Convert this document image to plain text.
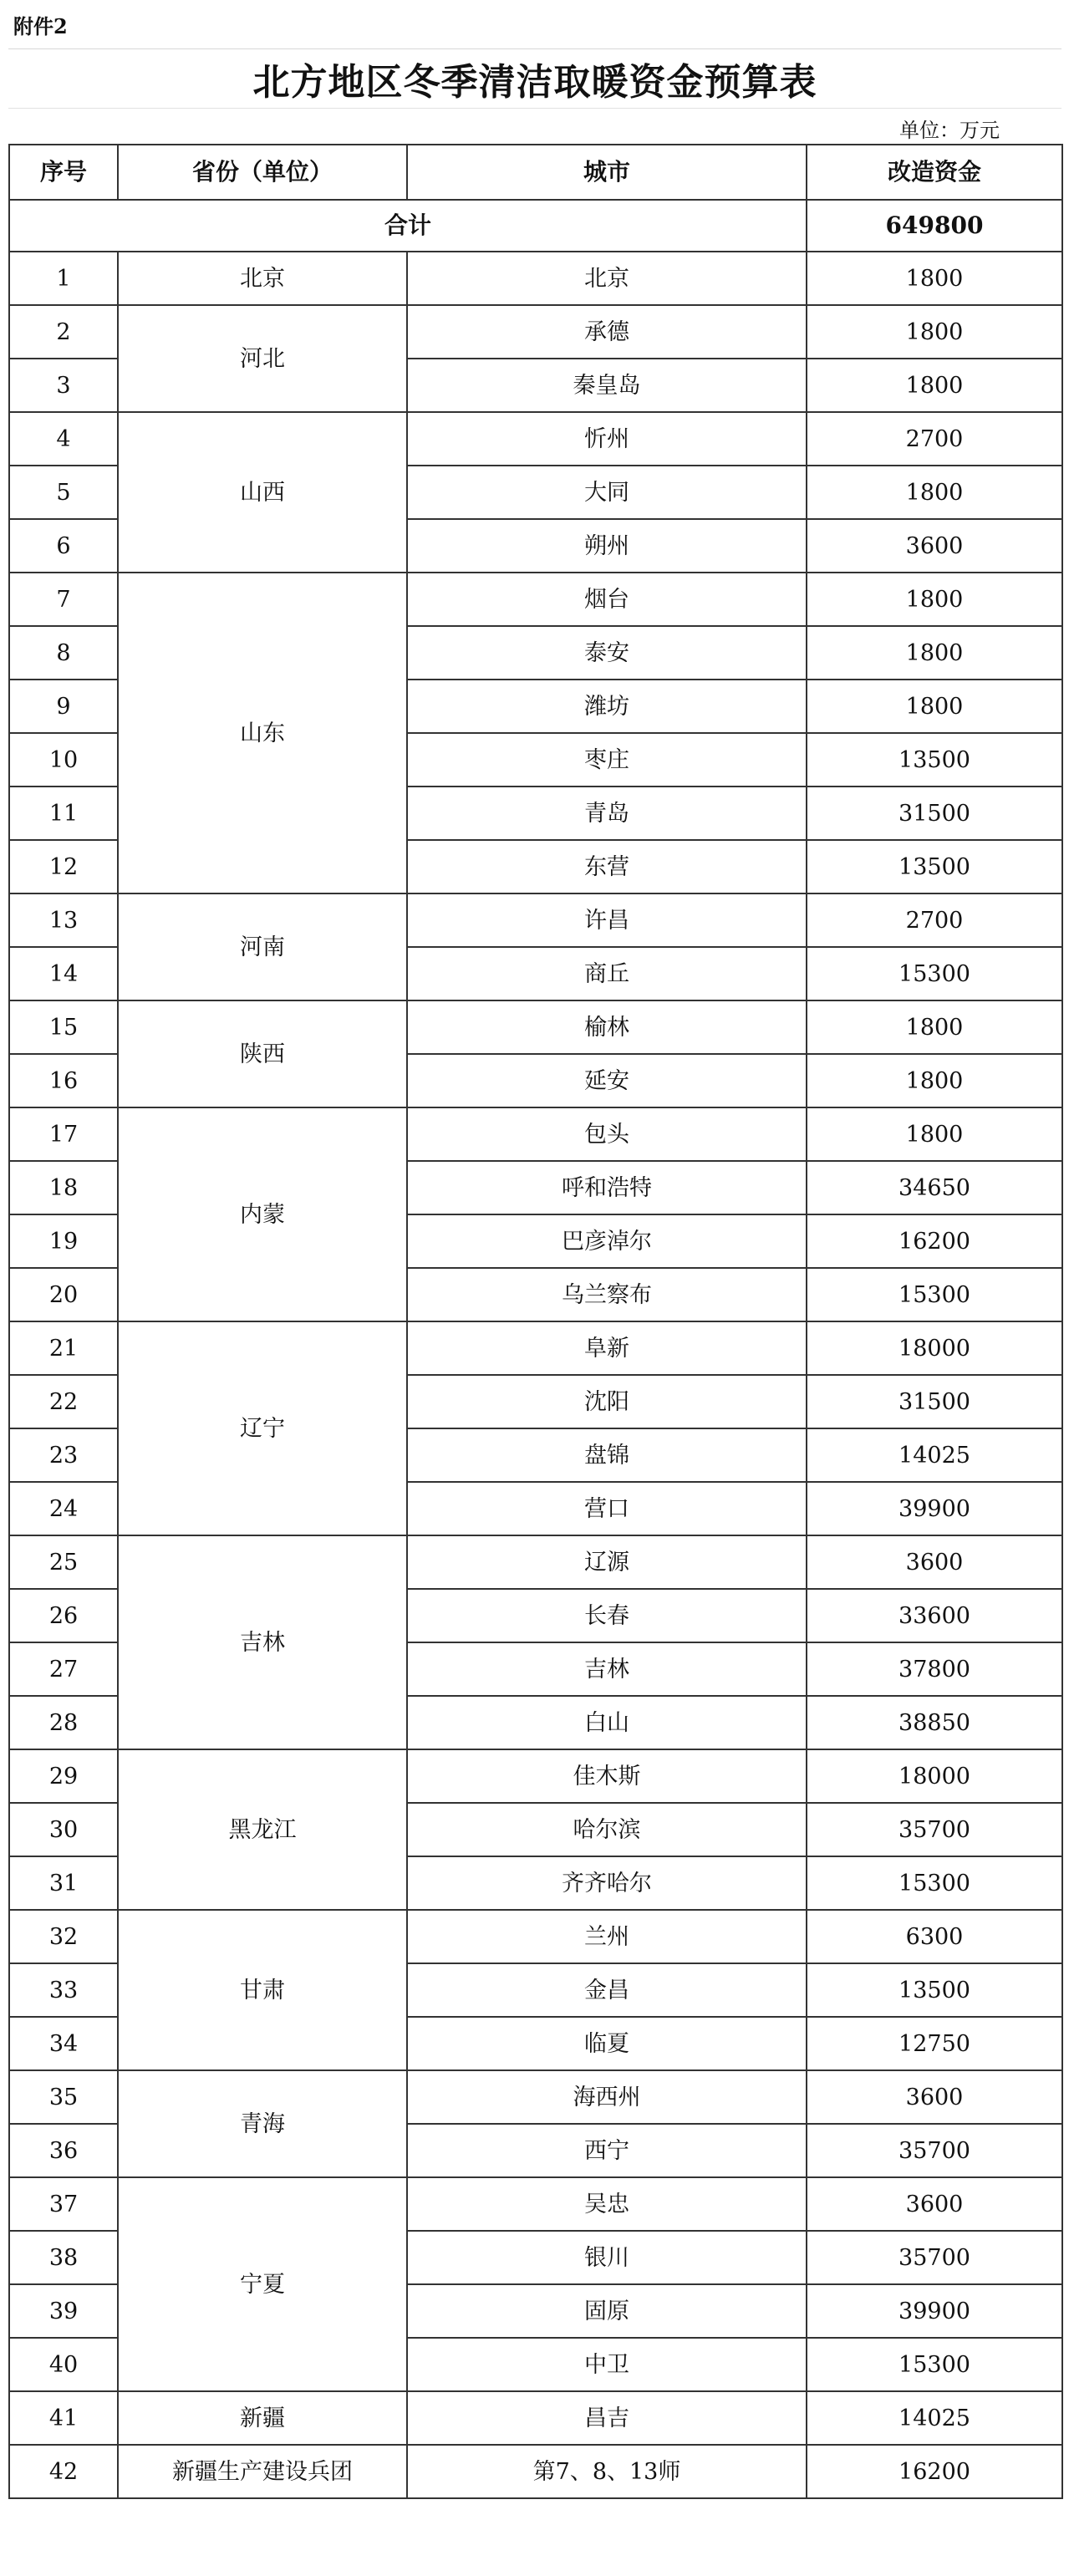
附件2
北方地区冬季清洁取暖资金预算表
单位：万元
序号	省份（单位）	城市	改造资金
合计			649800
1	北京	北京	1800
2	河北	承德	1800
3		秦皇岛	1800
4	山西	忻州	2700
5		大同	1800
6		朔州	3600
7	山东	烟台	1800
8		泰安	1800
9		潍坊	1800
10		枣庄	13500
11		青岛	31500
12		东营	13500
13	河南	许昌	2700
14		商丘	15300
15	陕西	榆林	1800
16		延安	1800
17	内蒙	包头	1800
18		呼和浩特	34650
19		巴彦淖尔	16200
20		乌兰察布	15300
21	辽宁	阜新	18000
22		沈阳	31500
23		盘锦	14025
24		营口	39900
25	吉林	辽源	3600
26		长春	33600
27		吉林	37800
28		白山	38850
29	黑龙江	佳木斯	18000
30		哈尔滨	35700
31		齐齐哈尔	15300
32	甘肃	兰州	6300
33		金昌	13500
34		临夏	12750
35	青海	海西州	3600
36		西宁	35700
37	宁夏	吴忠	3600
38		银川	35700
39		固原	39900
40		中卫	15300
41	新疆	昌吉	14025
42	新疆生产建设兵团	第7、8、13师	16200
